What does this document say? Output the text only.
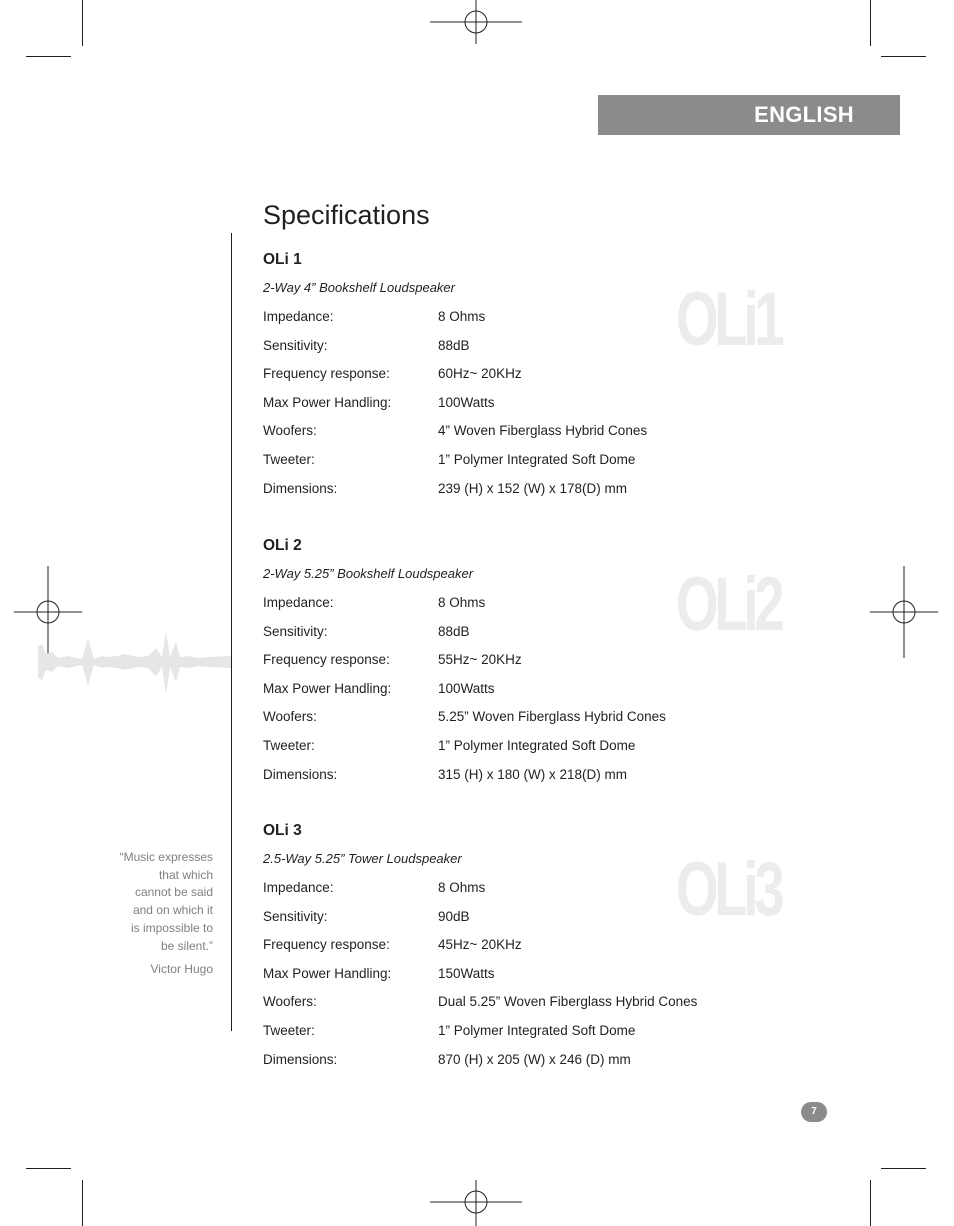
ENGLISH
Specifications
OLi1
OLi2
OLi3
OLi 1
2-Way 4” Bookshelf Loudspeaker
Impedance:	8 Ohms
Sensitivity:	88dB
Frequency response:	60Hz~ 20KHz
Max Power Handling:	100Watts
Woofers:	4” Woven Fiberglass Hybrid Cones
Tweeter:	1” Polymer Integrated Soft Dome
Dimensions:	239 (H) x 152 (W) x 178(D) mm
OLi 2
2-Way 5.25” Bookshelf Loudspeaker
Impedance:	8 Ohms
Sensitivity:	88dB
Frequency response:	55Hz~ 20KHz
Max Power Handling:	100Watts
Woofers:	5.25” Woven Fiberglass Hybrid Cones
Tweeter:	1” Polymer Integrated Soft Dome
Dimensions:	315 (H) x 180 (W) x 218(D) mm
OLi 3
2.5-Way 5.25” Tower Loudspeaker
Impedance:	8 Ohms
Sensitivity:	90dB
Frequency response:	45Hz~ 20KHz
Max Power Handling:	150Watts
Woofers:	Dual 5.25” Woven Fiberglass Hybrid Cones
Tweeter:	1” Polymer Integrated Soft Dome
Dimensions:	870 (H) x 205 (W) x 246 (D) mm
“Music expresses
that which
cannot be said
and on which it
is impossible to
be silent.”
Victor Hugo
7
